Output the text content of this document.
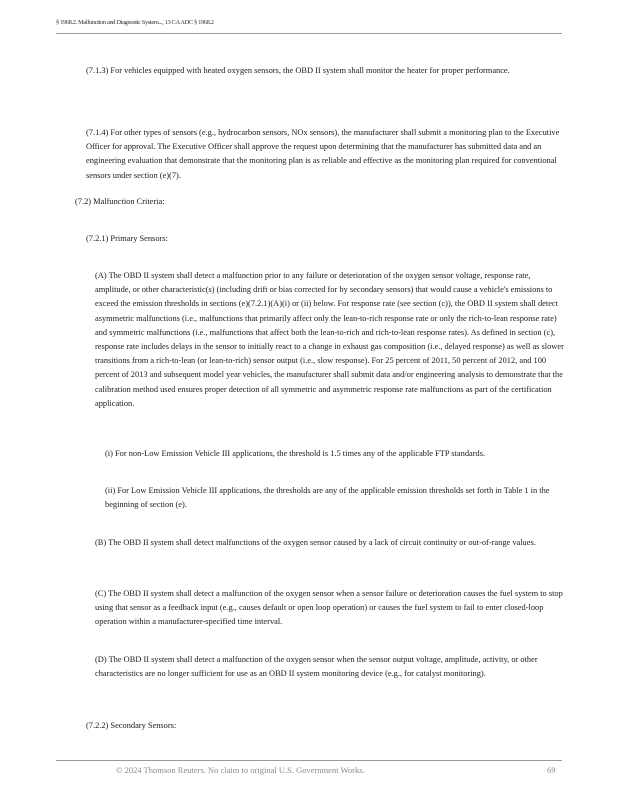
§ 1968.2. Malfunction and Diagnostic System..., 13 CA ADC § 1968.2

(7.1.3) For vehicles equipped with heated oxygen sensors, the OBD II system shall monitor the heater for proper performance.

(7.1.4) For other types of sensors (e.g., hydrocarbon sensors, NOx sensors), the manufacturer shall submit a monitoring plan to the Executive Officer for approval. The Executive Officer shall approve the request upon determining that the manufacturer has submitted data and an engineering evaluation that demonstrate that the monitoring plan is as reliable and effective as the monitoring plan required for conventional sensors under section (e)(7).

(7.2) Malfunction Criteria:

(7.2.1) Primary Sensors:

(A) The OBD II system shall detect a malfunction prior to any failure or deterioration of the oxygen sensor voltage, response rate, amplitude, or other characteristic(s) (including drift or bias corrected for by secondary sensors) that would cause a vehicle's emissions to exceed the emission thresholds in sections (e)(7.2.1)(A)(i) or (ii) below. For response rate (see section (c)), the OBD II system shall detect asymmetric malfunctions (i.e., malfunctions that primarily affect only the lean-to-rich response rate or only the rich-to-lean response rate) and symmetric malfunctions (i.e., malfunctions that affect both the lean-to-rich and rich-to-lean response rates). As defined in section (c), response rate includes delays in the sensor to initially react to a change in exhaust gas composition (i.e., delayed response) as well as slower transitions from a rich-to-lean (or lean-to-rich) sensor output (i.e., slow response). For 25 percent of 2011, 50 percent of 2012, and 100 percent of 2013 and subsequent model year vehicles, the manufacturer shall submit data and/or engineering analysis to demonstrate that the calibration method used ensures proper detection of all symmetric and asymmetric response rate malfunctions as part of the certification application.

(i) For non-Low Emission Vehicle III applications, the threshold is 1.5 times any of the applicable FTP standards.

(ii) For Low Emission Vehicle III applications, the thresholds are any of the applicable emission thresholds set forth in Table 1 in the beginning of section (e).

(B) The OBD II system shall detect malfunctions of the oxygen sensor caused by a lack of circuit continuity or out-of-range values.

(C) The OBD II system shall detect a malfunction of the oxygen sensor when a sensor failure or deterioration causes the fuel system to stop using that sensor as a feedback input (e.g., causes default or open loop operation) or causes the fuel system to fail to enter closed-loop operation within a manufacturer-specified time interval.

(D) The OBD II system shall detect a malfunction of the oxygen sensor when the sensor output voltage, amplitude, activity, or other characteristics are no longer sufficient for use as an OBD II system monitoring device (e.g., for catalyst monitoring).

(7.2.2) Secondary Sensors:

© 2024 Thomson Reuters. No claim to original U.S. Government Works.	69
